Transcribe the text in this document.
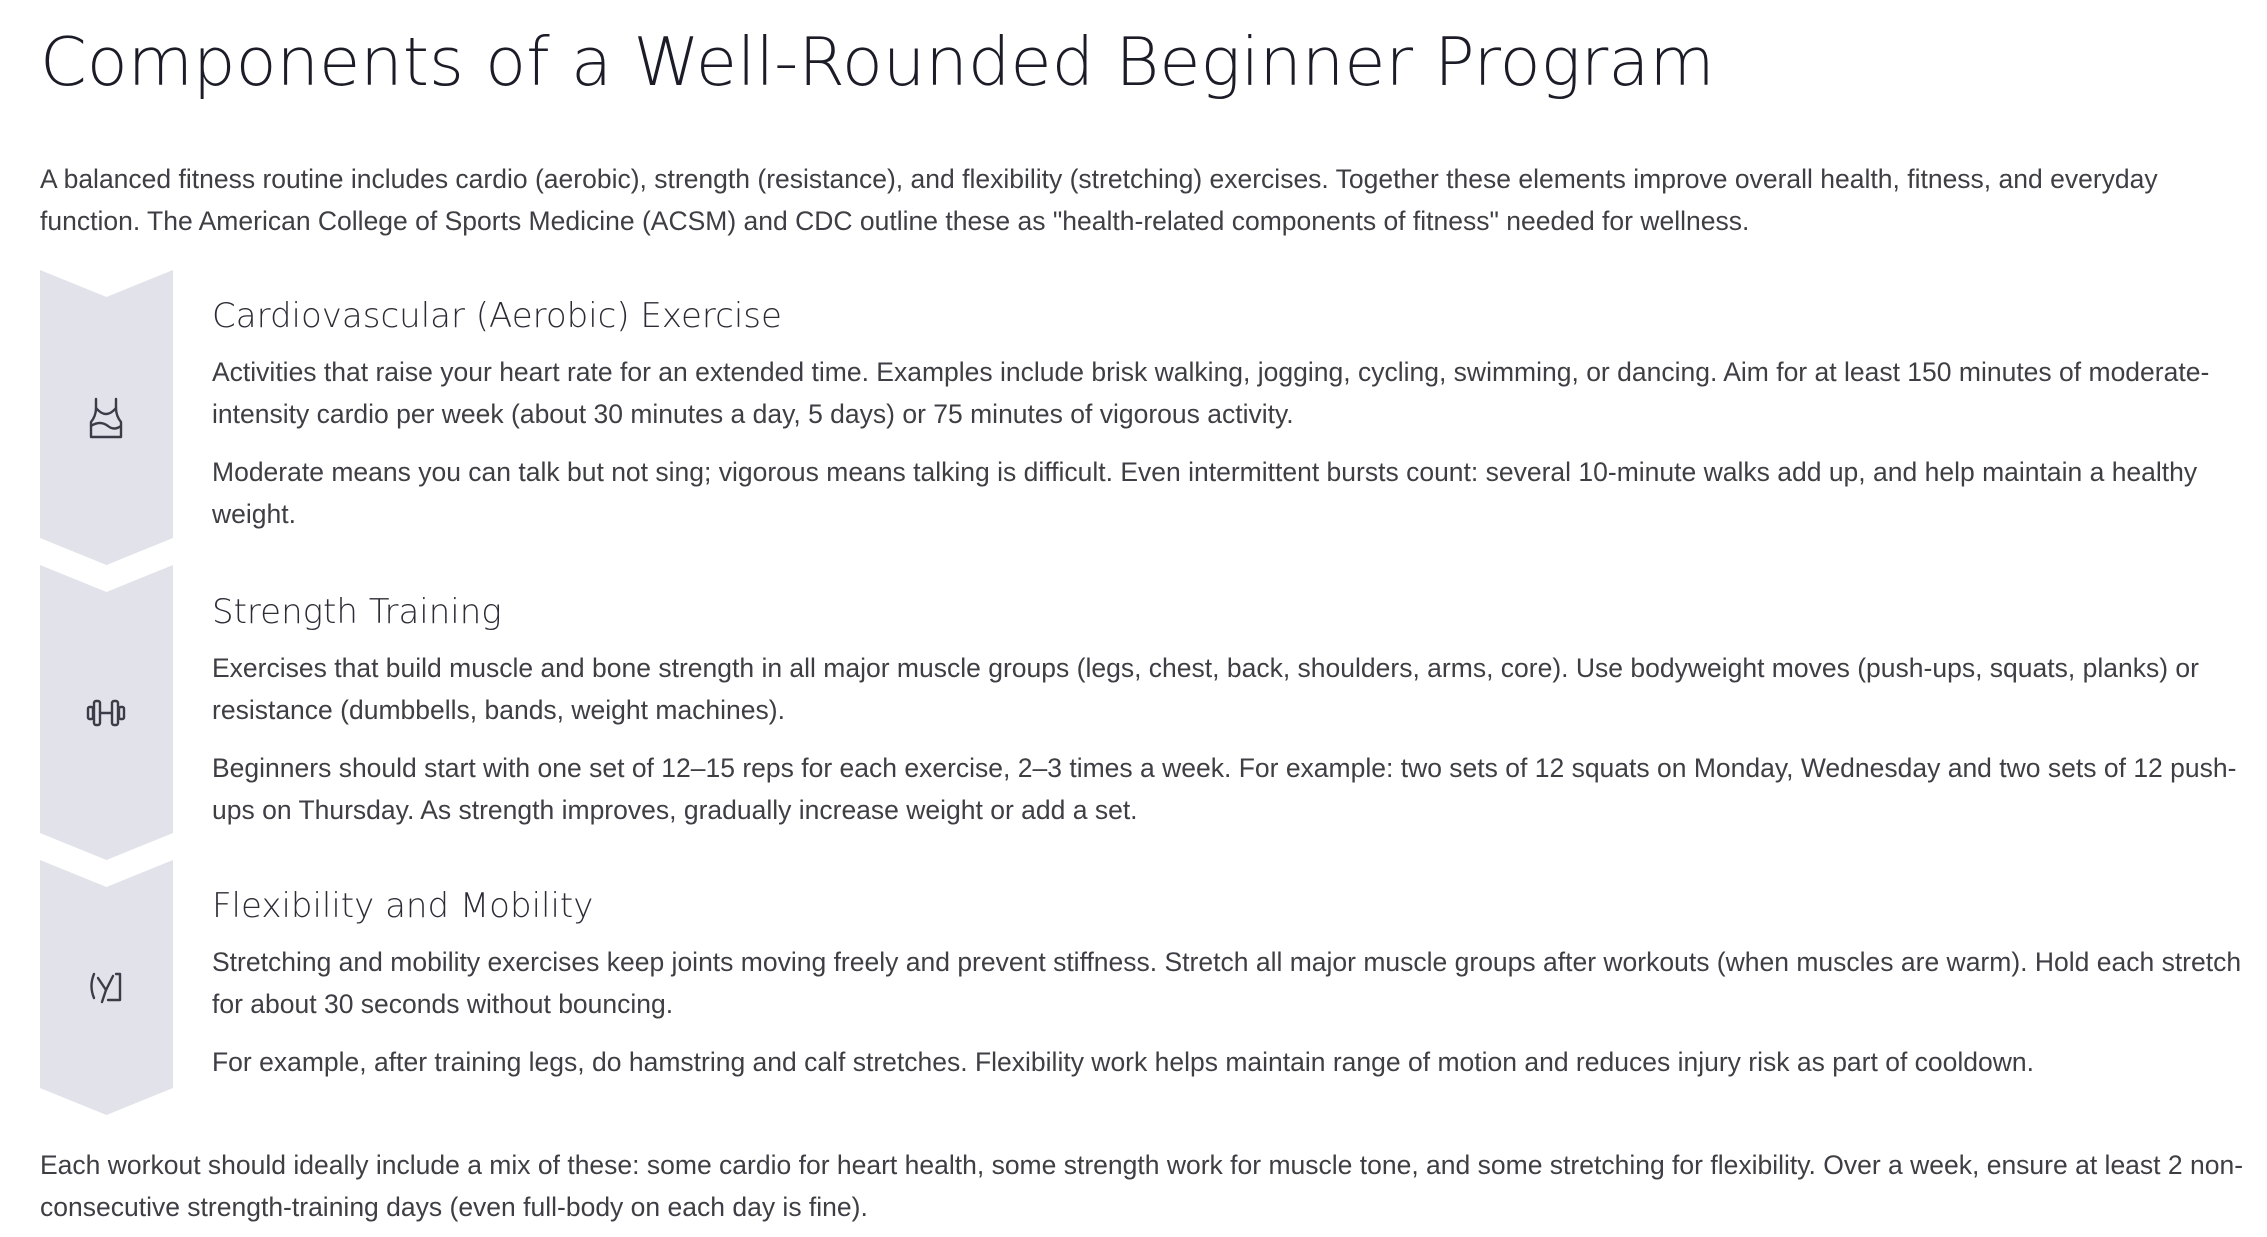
Components of a Well-Rounded Beginner Program

A balanced fitness routine includes cardio (aerobic), strength (resistance), and flexibility (stretching) exercises. Together these elements improve overall health, fitness, and everyday function. The American College of Sports Medicine (ACSM) and CDC outline these as "health-related components of fitness" needed for wellness.

Cardiovascular (Aerobic) Exercise

Activities that raise your heart rate for an extended time. Examples include brisk walking, jogging, cycling, swimming, or dancing. Aim for at least 150 minutes of moderate-intensity cardio per week (about 30 minutes a day, 5 days) or 75 minutes of vigorous activity.

Moderate means you can talk but not sing; vigorous means talking is difficult. Even intermittent bursts count: several 10-minute walks add up, and help maintain a healthy weight.

Strength Training

Exercises that build muscle and bone strength in all major muscle groups (legs, chest, back, shoulders, arms, core). Use bodyweight moves (push-ups, squats, planks) or resistance (dumbbells, bands, weight machines).

Beginners should start with one set of 12–15 reps for each exercise, 2–3 times a week. For example: two sets of 12 squats on Monday, Wednesday and two sets of 12 push-ups on Thursday. As strength improves, gradually increase weight or add a set.

Flexibility and Mobility

Stretching and mobility exercises keep joints moving freely and prevent stiffness. Stretch all major muscle groups after workouts (when muscles are warm). Hold each stretch for about 30 seconds without bouncing.

For example, after training legs, do hamstring and calf stretches. Flexibility work helps maintain range of motion and reduces injury risk as part of cooldown.

Each workout should ideally include a mix of these: some cardio for heart health, some strength work for muscle tone, and some stretching for flexibility. Over a week, ensure at least 2 non-consecutive strength-training days (even full-body on each day is fine).
